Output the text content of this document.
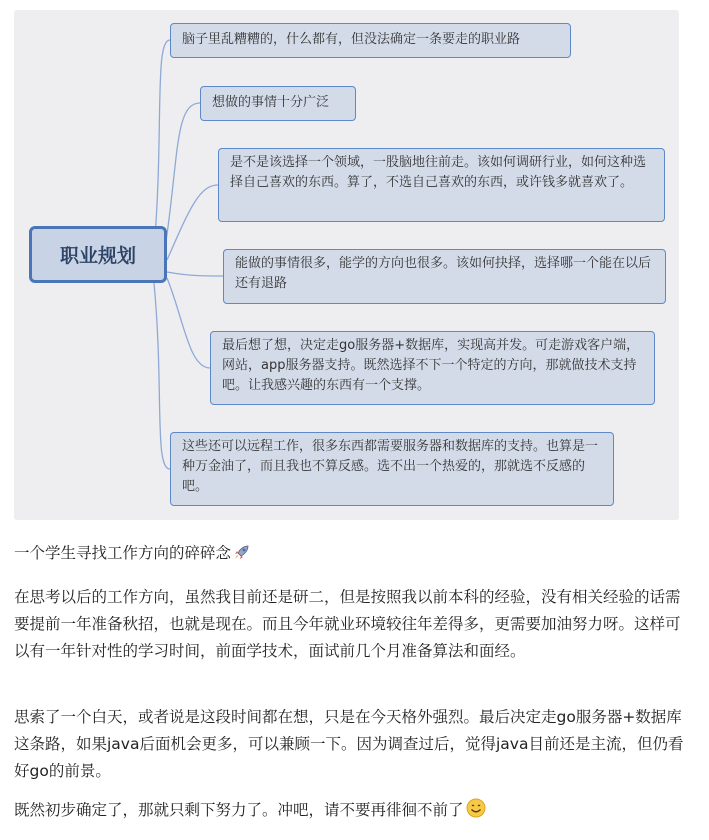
职业规划
脑子里乱糟糟的，什么都有，但没法确定一条要走的职业路
想做的事情十分广泛
是不是该选择一个领域，一股脑地往前走。该如何调研行业，如何这种选择自己喜欢的东西。算了，不选自己喜欢的东西，或许钱多就喜欢了。
能做的事情很多，能学的方向也很多。该如何抉择，选择哪一个能在以后还有退路
最后想了想，决定走go服务器+数据库，实现高并发。可走游戏客户端，网站，app服务器支持。既然选择不下一个特定的方向，那就做技术支持吧。让我感兴趣的东西有一个支撑。
这些还可以远程工作，很多东西都需要服务器和数据库的支持。也算是一种万金油了，而且我也不算反感。选不出一个热爱的，那就选不反感的吧。

一个学生寻找工作方向的碎碎念

在思考以后的工作方向，虽然我目前还是研二，但是按照我以前本科的经验，没有相关经验的话需要提前一年准备秋招，也就是现在。而且今年就业环境较往年差得多，更需要加油努力呀。这样可以有一年针对性的学习时间，前面学技术，面试前几个月准备算法和面经。

思索了一个白天，或者说是这段时间都在想，只是在今天格外强烈。最后决定走go服务器+数据库这条路，如果java后面机会更多，可以兼顾一下。因为调查过后，觉得java目前还是主流，但仍看好go的前景。

既然初步确定了，那就只剩下努力了。冲吧，请不要再徘徊不前了
